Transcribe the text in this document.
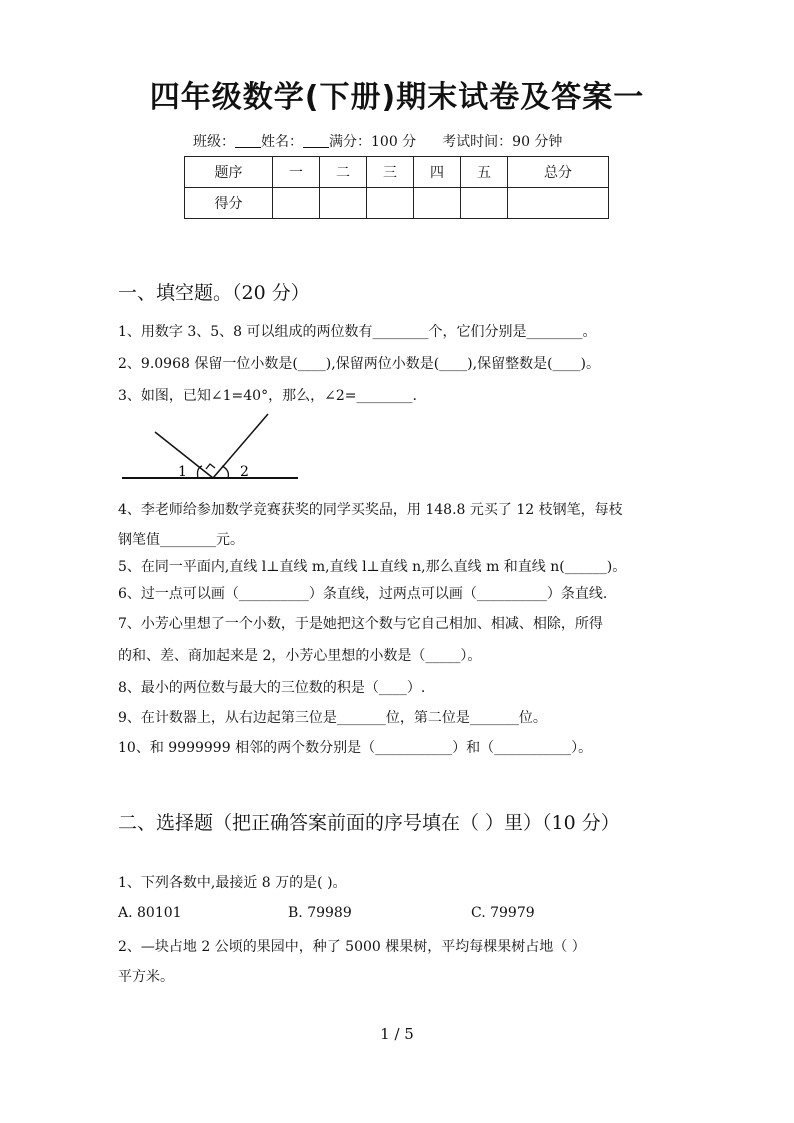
四年级数学(下册)期末试卷及答案一
班级： 姓名： 满分：100 分 考试时间：90 分钟
题序	一	二	三	四	五	总分
得分						
一、填空题。（20 分）
1、用数字 3、5、8 可以组成的两位数有________个，它们分别是________。
2、9.0968 保留一位小数是(____),保留两位小数是(____),保留整数是(____)。
3、如图，已知∠1=40°，那么，∠2=________.
1	2
4、李老师给参加数学竞赛获奖的同学买奖品，用 148.8 元买了 12 枝钢笔，每枝
钢笔值________元。
5、在同一平面内,直线 l⊥直线 m,直线 l⊥直线 n,那么直线 m 和直线 n(______)。
6、过一点可以画（__________）条直线，过两点可以画（__________）条直线.
7、小芳心里想了一个小数，于是她把这个数与它自己相加、相减、相除，所得
的和、差、商加起来是 2，小芳心里想的小数是（_____）。
8、最小的两位数与最大的三位数的积是（____）.
9、在计数器上，从右边起第三位是_______位，第二位是_______位。
10、和 9999999 相邻的两个数分别是（___________）和（___________）。
二、选择题（把正确答案前面的序号填在（ ）里）（10 分）
1、下列各数中,最接近 8 万的是( )。
A. 80101	B. 79989	C. 79979
2、—块占地 2 公顷的果园中，种了 5000 棵果树，平均每棵果树占地（ ）
平方米。
1 / 5
